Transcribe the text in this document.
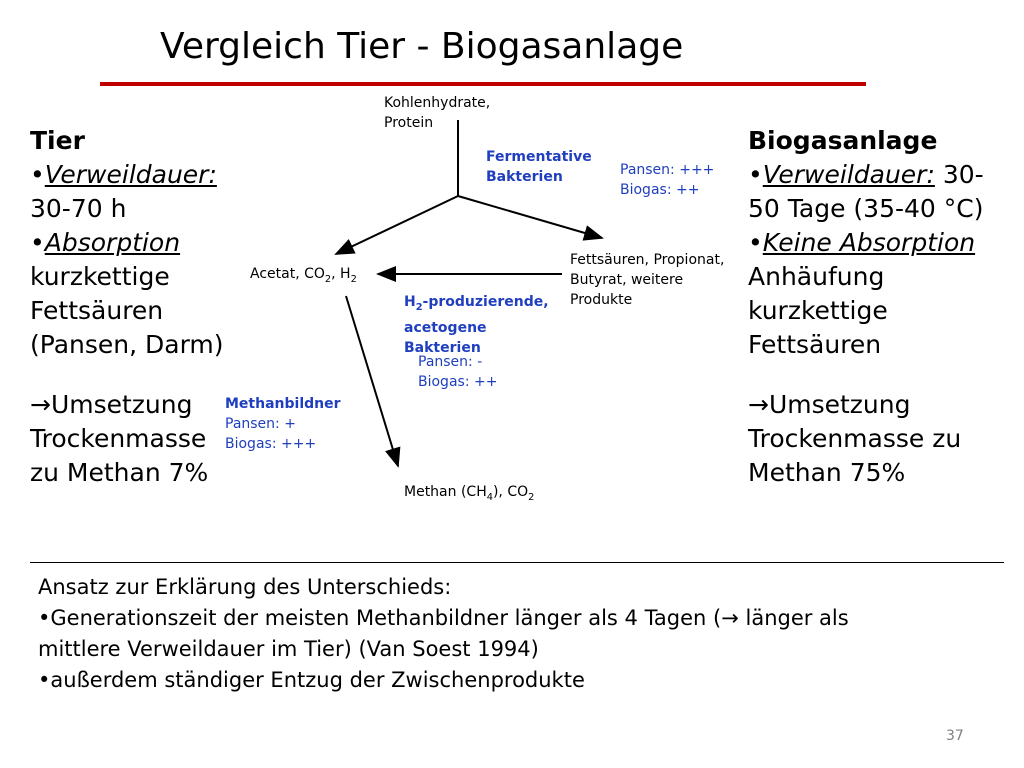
Vergleich Tier - Biogasanlage
Tier
•Verweildauer:
30-70 h
•Absorption
kurzkettige
Fettsäuren
(Pansen, Darm)
→Umsetzung
Trockenmasse
zu Methan 7%
Biogasanlage
•Verweildauer: 30-
50 Tage (35-40 °C)
•Keine Absorption
Anhäufung
kurzkettige
Fettsäuren
→Umsetzung
Trockenmasse zu
Methan 75%
Kohlenhydrate,
Protein
Fermentative
Bakterien	Pansen: +++
Biogas: ++
Fettsäuren, Propionat,
Butyrat, weitere
Produkte
Acetat, $CO_2$, $H_2$
$H_2$-produzierende,
acetogene
Bakterien
Pansen: -
Biogas: ++
Methanbildner
Pansen: +
Biogas: +++
Methan $(CH_4)$, $CO_2$
Ansatz zur Erklärung des Unterschieds:
•Generationszeit der meisten Methanbildner länger als 4 Tagen (→ länger als
mittlere Verweildauer im Tier) (Van Soest 1994)
•außerdem ständiger Entzug der Zwischenprodukte
37
